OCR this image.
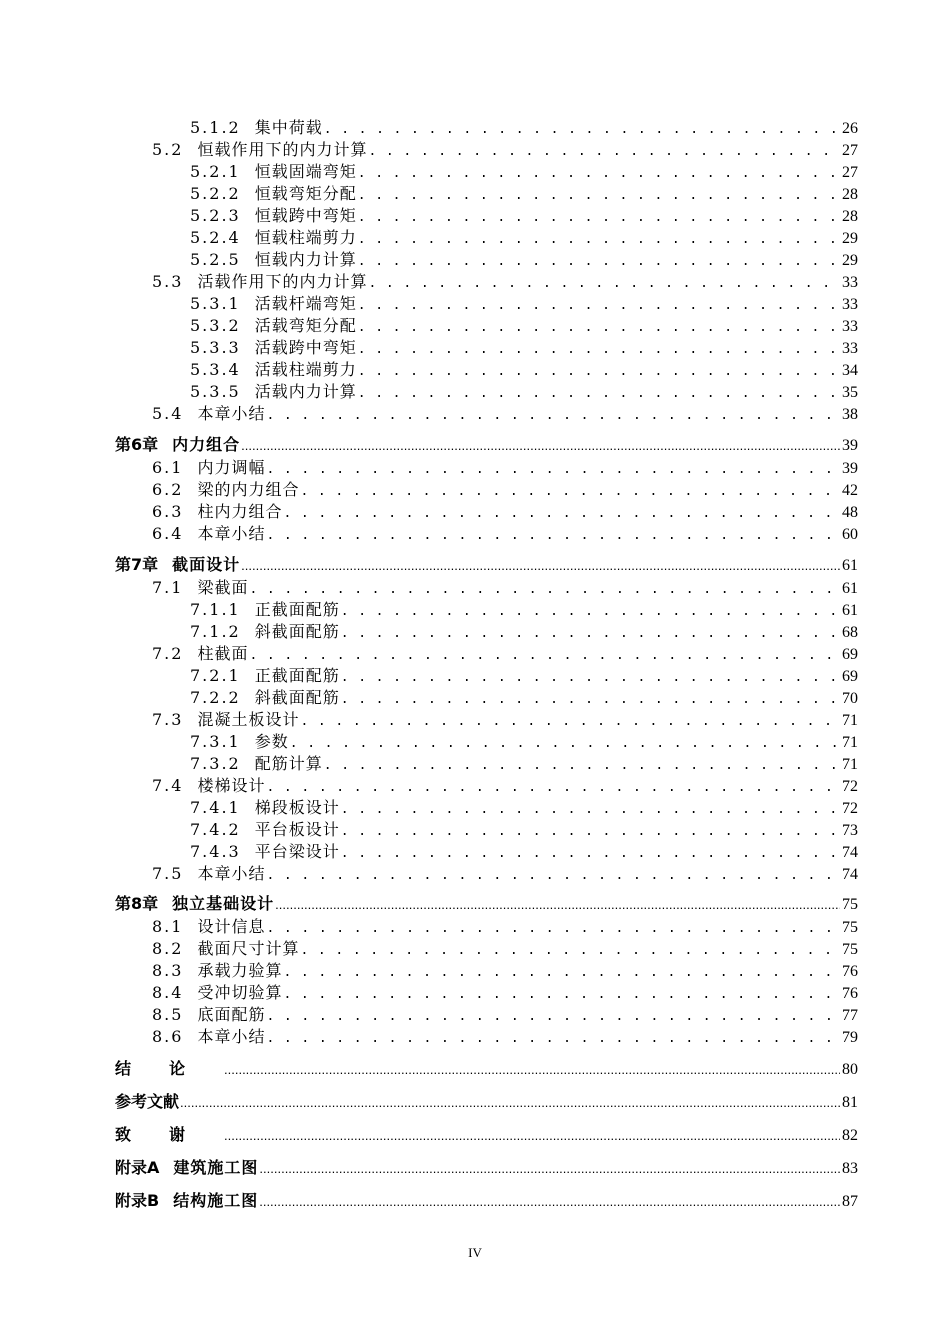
5.1.2 集中荷载 . . .	26
5.2 恒载作用下的内力计算 . . .	27
5.2.1 恒载固端弯矩 . . .	27
5.2.2 恒载弯矩分配 . . .	28
5.2.3 恒载跨中弯矩 . . .	28
5.2.4 恒载柱端剪力 . . .	29
5.2.5 恒载内力计算 . . .	29
5.3 活载作用下的内力计算 . . .	33
5.3.1 活载杆端弯矩 . . .	33
5.3.2 活载弯矩分配 . . .	33
5.3.3 活载跨中弯矩 . . .	33
5.3.4 活载柱端剪力 . . .	34
5.3.5 活载内力计算 . . .	35
5.4 本章小结 . . .	38
第6章 内力组合 .....	39
6.1 内力调幅 . . .	39
6.2 梁的内力组合 . . .	42
6.3 柱内力组合 . . .	48
6.4 本章小结 . . .	60
第7章 截面设计 .....	61
7.1 梁截面 . . .	61
7.1.1 正截面配筋 . . .	61
7.1.2 斜截面配筋 . . .	68
7.2 柱截面 . . .	69
7.2.1 正截面配筋 . . .	69
7.2.2 斜截面配筋 . . .	70
7.3 混凝土板设计 . . .	71
7.3.1 参数 . . .	71
7.3.2 配筋计算 . . .	71
7.4 楼梯设计 . . .	72
7.4.1 梯段板设计 . . .	72
7.4.2 平台板设计 . . .	73
7.4.3 平台梁设计 . . .	74
7.5 本章小结 . . .	74
第8章 独立基础设计 .....	75
8.1 设计信息 . . .	75
8.2 截面尺寸计算 . . .	75
8.3 承载力验算 . . .	76
8.4 受冲切验算 . . .	76
8.5 底面配筋 . . .	77
8.6 本章小结 . . .	79
结论 .....	80
参考文献 .....	81
致谢 .....	82
附录A 建筑施工图 .....	83
附录B 结构施工图 .....	87
IV
